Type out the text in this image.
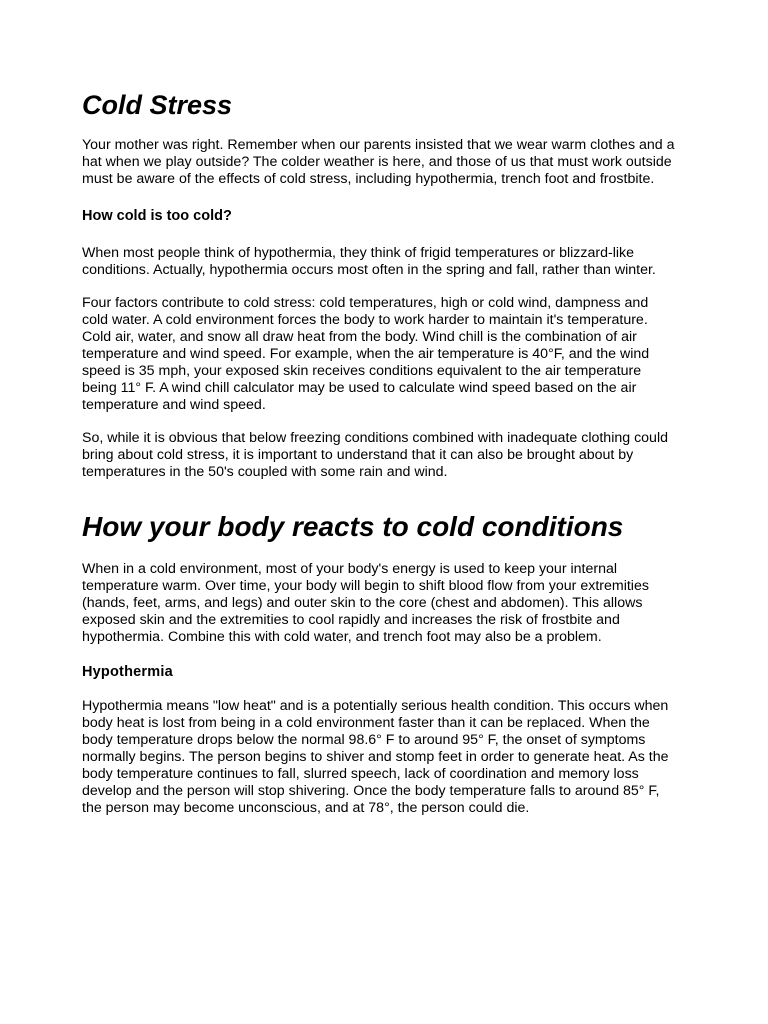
Cold Stress

Your mother was right. Remember when our parents insisted that we wear warm clothes and a hat when we play outside? The colder weather is here, and those of us that must work outside must be aware of the effects of cold stress, including hypothermia, trench foot and frostbite.

How cold is too cold?

When most people think of hypothermia, they think of frigid temperatures or blizzard-like conditions. Actually, hypothermia occurs most often in the spring and fall, rather than winter.

Four factors contribute to cold stress: cold temperatures, high or cold wind, dampness and cold water. A cold environment forces the body to work harder to maintain it's temperature. Cold air, water, and snow all draw heat from the body. Wind chill is the combination of air temperature and wind speed. For example, when the air temperature is 40°F, and the wind speed is 35 mph, your exposed skin receives conditions equivalent to the air temperature being 11° F. A wind chill calculator may be used to calculate wind speed based on the air temperature and wind speed.

So, while it is obvious that below freezing conditions combined with inadequate clothing could bring about cold stress, it is important to understand that it can also be brought about by temperatures in the 50's coupled with some rain and wind.

How your body reacts to cold conditions

When in a cold environment, most of your body's energy is used to keep your internal temperature warm. Over time, your body will begin to shift blood flow from your extremities (hands, feet, arms, and legs) and outer skin to the core (chest and abdomen). This allows exposed skin and the extremities to cool rapidly and increases the risk of frostbite and hypothermia. Combine this with cold water, and trench foot may also be a problem.

Hypothermia

Hypothermia means "low heat" and is a potentially serious health condition. This occurs when body heat is lost from being in a cold environment faster than it can be replaced. When the body temperature drops below the normal 98.6° F to around 95° F, the onset of symptoms normally begins. The person begins to shiver and stomp feet in order to generate heat. As the body temperature continues to fall, slurred speech, lack of coordination and memory loss develop and the person will stop shivering. Once the body temperature falls to around 85° F, the person may become unconscious, and at 78°, the person could die.
